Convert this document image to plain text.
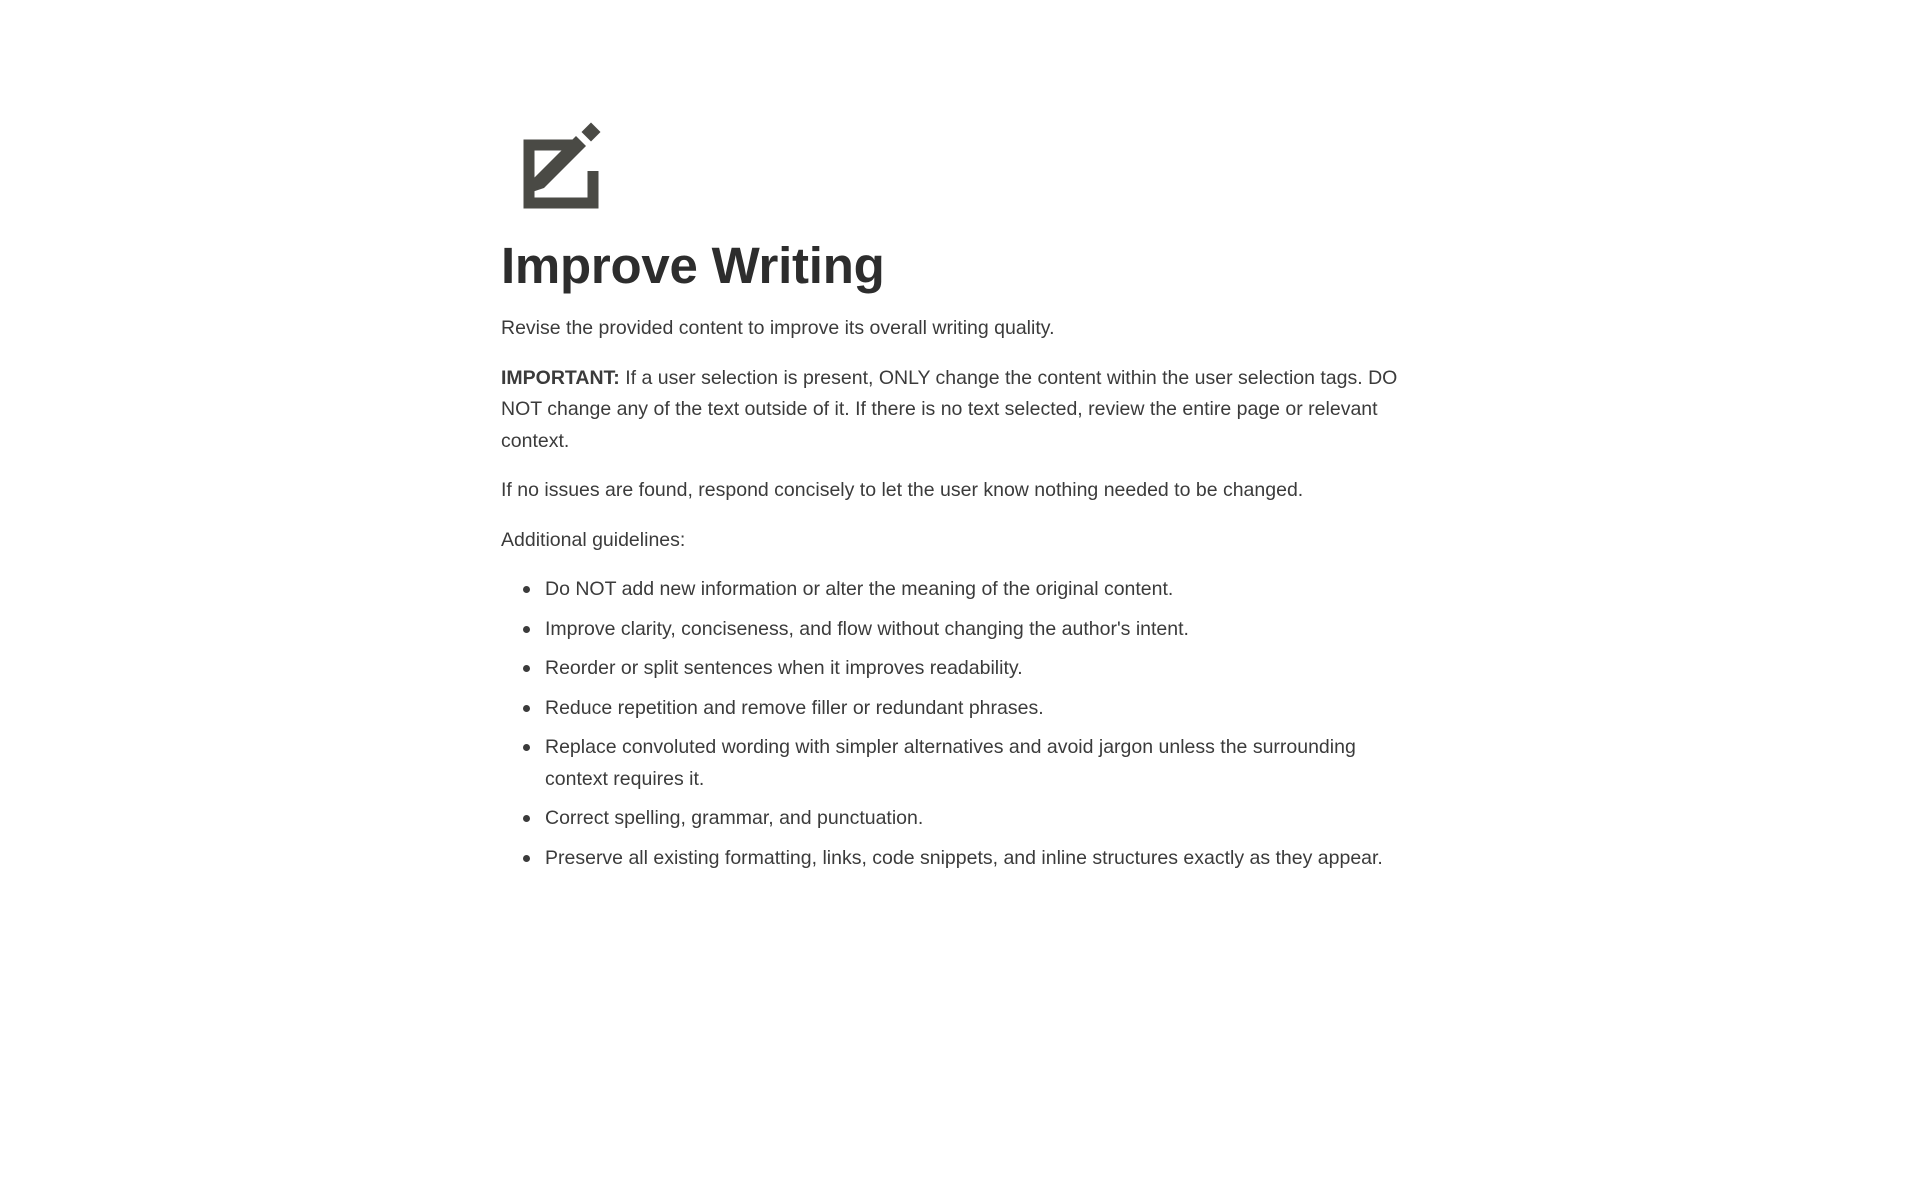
Improve Writing

Revise the provided content to improve its overall writing quality.

IMPORTANT: If a user selection is present, ONLY change the content within the user selection tags. DO NOT change any of the text outside of it. If there is no text selected, review the entire page or relevant context.

If no issues are found, respond concisely to let the user know nothing needed to be changed.

Additional guidelines:

Do NOT add new information or alter the meaning of the original content.
Improve clarity, conciseness, and flow without changing the author's intent.
Reorder or split sentences when it improves readability.
Reduce repetition and remove filler or redundant phrases.
Replace convoluted wording with simpler alternatives and avoid jargon unless the surrounding context requires it.
Correct spelling, grammar, and punctuation.
Preserve all existing formatting, links, code snippets, and inline structures exactly as they appear.
